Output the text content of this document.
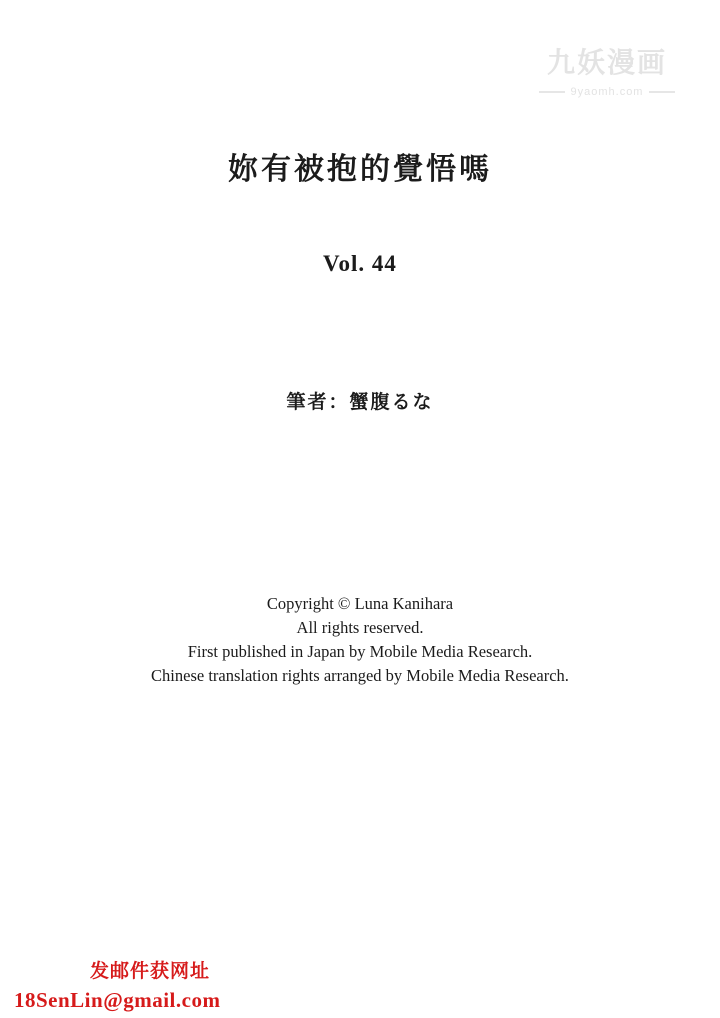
九妖漫画
9yaomh.com
妳有被抱的覺悟嗎
Vol. 44
筆者：蟹腹るな
Copyright © Luna Kanihara
All rights reserved.
First published in Japan by Mobile Media Research.
Chinese translation rights arranged by Mobile Media Research.
发邮件获网址
18SenLin@gmail.com
